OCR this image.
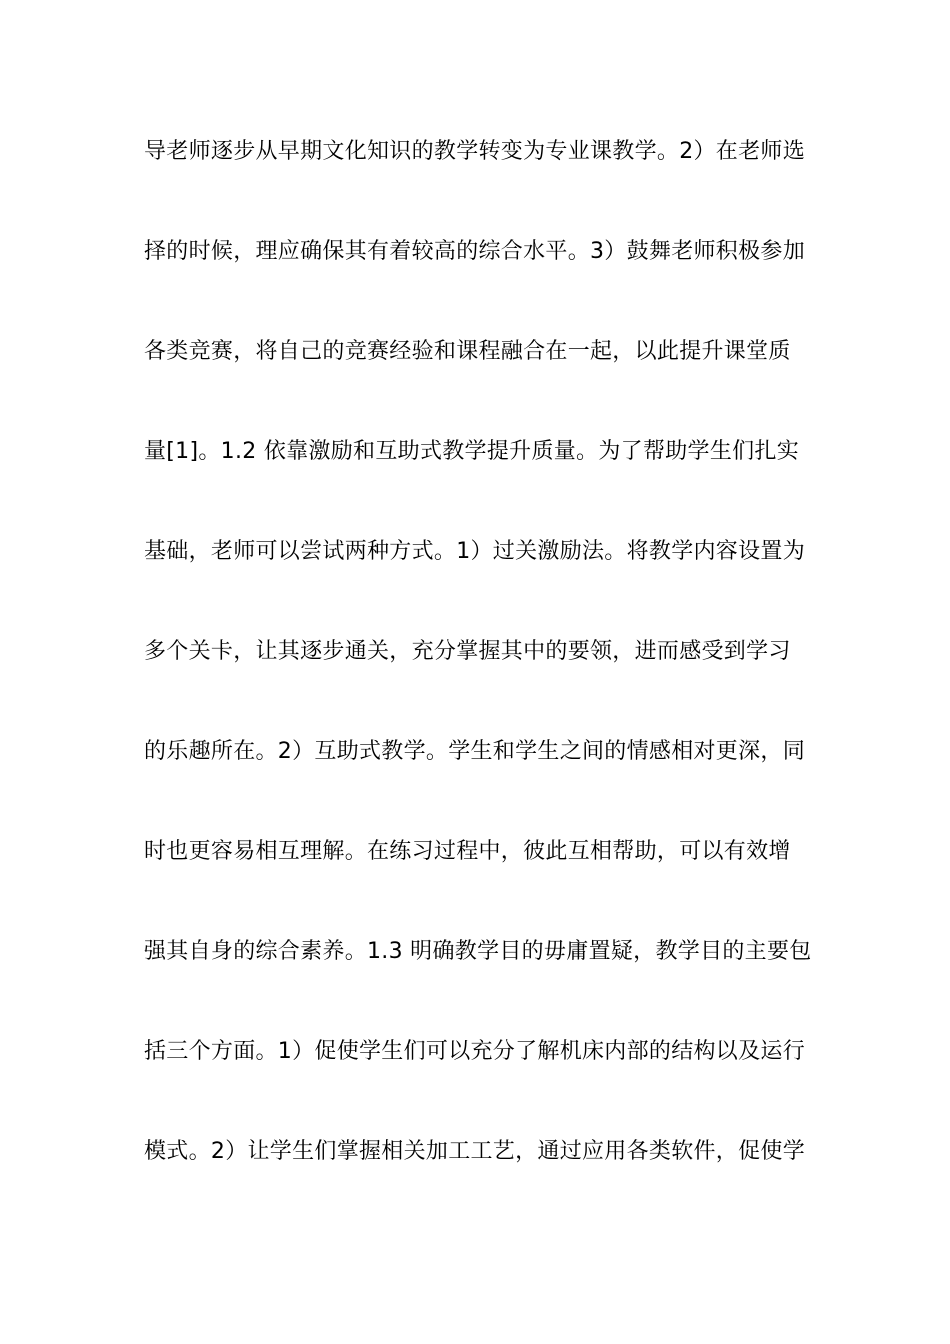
导老师逐步从早期文化知识的教学转变为专业课教学。2）在老师选
择的时候，理应确保其有着较高的综合水平。3）鼓舞老师积极参加
各类竞赛，将自己的竞赛经验和课程融合在一起，以此提升课堂质
量[1]。1.2 依靠激励和互助式教学提升质量。为了帮助学生们扎实
基础，老师可以尝试两种方式。1）过关激励法。将教学内容设置为
多个关卡，让其逐步通关，充分掌握其中的要领，进而感受到学习
的乐趣所在。2）互助式教学。学生和学生之间的情感相对更深，同
时也更容易相互理解。在练习过程中，彼此互相帮助，可以有效增
强其自身的综合素养。1.3 明确教学目的毋庸置疑，教学目的主要包
括三个方面。1）促使学生们可以充分了解机床内部的结构以及运行
模式。2）让学生们掌握相关加工工艺，通过应用各类软件，促使学
